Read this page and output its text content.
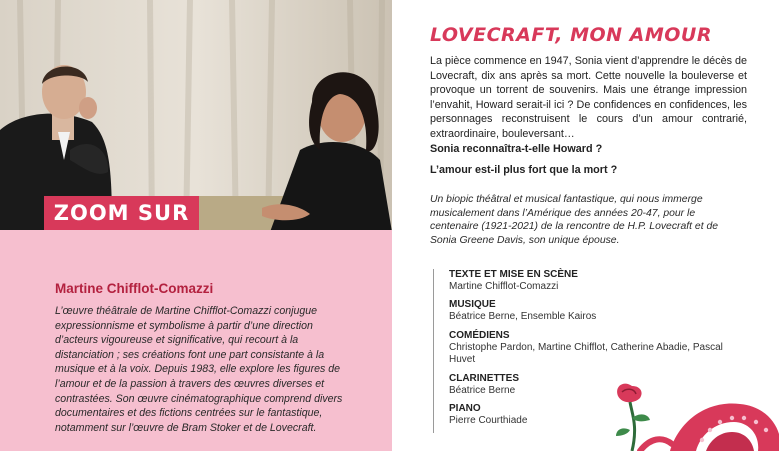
ZOOM SUR
Martine Chifflot-Comazzi
L’œuvre théâtrale de Martine Chifflot-Comazzi conjugue expressionnisme et symbolisme à partir d’une direction d’acteurs vigoureuse et significative, qui recourt à la distanciation ; ses créations font une part consistante à la musique et à la voix. Depuis 1983, elle explore les figures de l’amour et de la passion à travers des œuvres diverses et contrastées. Son œuvre cinématographique comprend divers documentaires et des fictions centrées sur le fantastique, notamment sur l’œuvre de Bram Stoker et de Lovecraft.
LOVECRAFT, MON AMOUR
La pièce commence en 1947, Sonia vient d’apprendre le décès de Lovecraft, dix ans après sa mort. Cette nouvelle la bouleverse et provoque un torrent de souvenirs. Mais une étrange impression l’envahit, Howard serait-il ici ? De confidences en confidences, les personnages reconstruisent le cours d’un amour contrarié, extraordinaire, bouleversant…
Sonia reconnaîtra-t-elle Howard ?
L’amour est-il plus fort que la mort ?
Un biopic théâtral et musical fantastique, qui nous immerge musicalement dans l’Amérique des années 20-47, pour le centenaire (1921-2021) de la rencontre de H.P. Lovecraft et de Sonia Greene Davis, son unique épouse.
TEXTE ET MISE EN SCÈNE
Martine Chifflot-Comazzi
MUSIQUE
Béatrice Berne, Ensemble Kairos
COMÉDIENS
Christophe Pardon, Martine Chifflot, Catherine Abadie, Pascal Huvet
CLARINETTES
Béatrice Berne
PIANO
Pierre Courthiade
